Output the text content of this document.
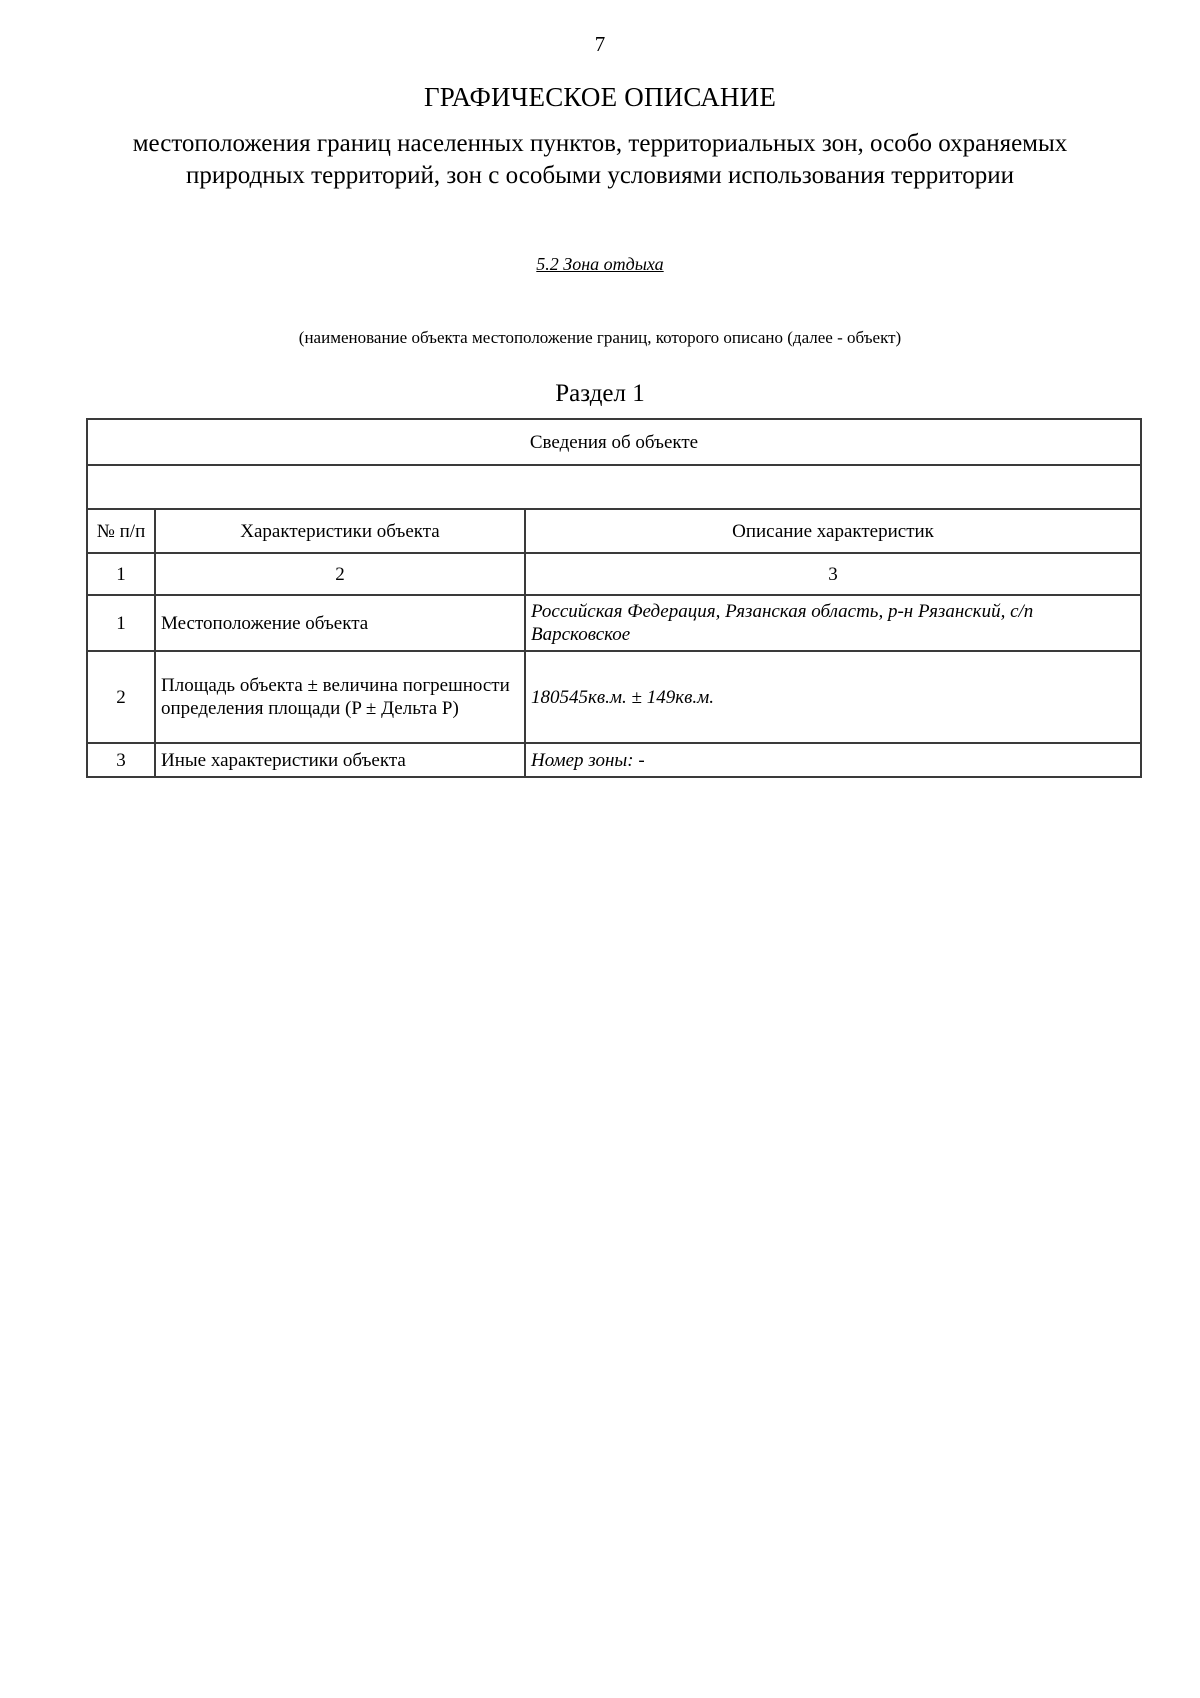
7
ГРАФИЧЕСКОЕ ОПИСАНИЕ
местоположения границ населенных пунктов, территориальных зон, особо охраняемых природных территорий, зон с особыми условиями использования территории
5.2 Зона отдыха
(наименование объекта местоположение границ, которого описано (далее - объект)
Раздел 1
Сведения об объекте		

№ п/п	Характеристики объекта	Описание характеристик
1	2	3
1	Местоположение объекта	Российская Федерация, Рязанская область, р-н Рязанский, с/п Варсковское
2	Площадь объекта ± величина погрешности определения площади (P ± Дельта P)	180545кв.м. ± 149кв.м.
3	Иные характеристики объекта	Номер зоны: -
